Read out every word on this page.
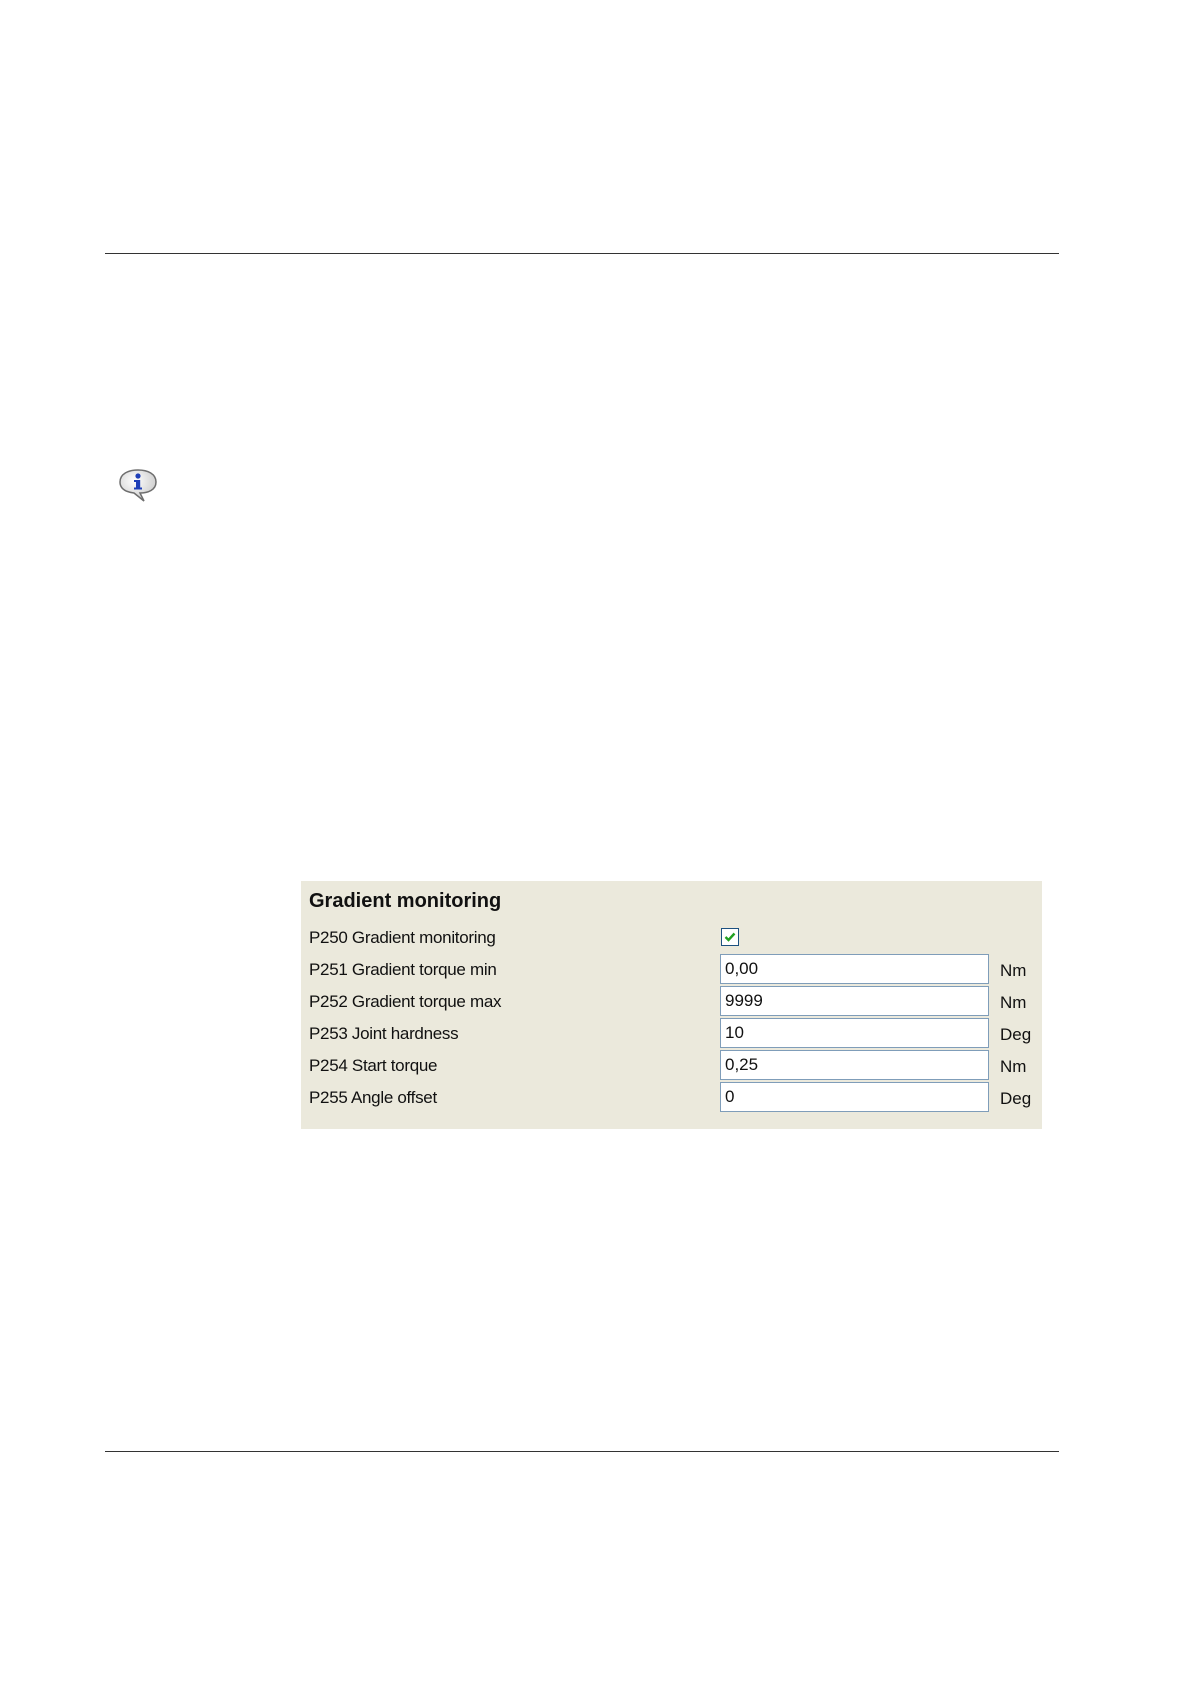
Gradient monitoring
P250 Gradient monitoring
P251 Gradient torque min	0,00	Nm
P252 Gradient torque max	9999	Nm
P253 Joint hardness	10	Deg
P254 Start torque	0,25	Nm
P255 Angle offset	0	Deg
